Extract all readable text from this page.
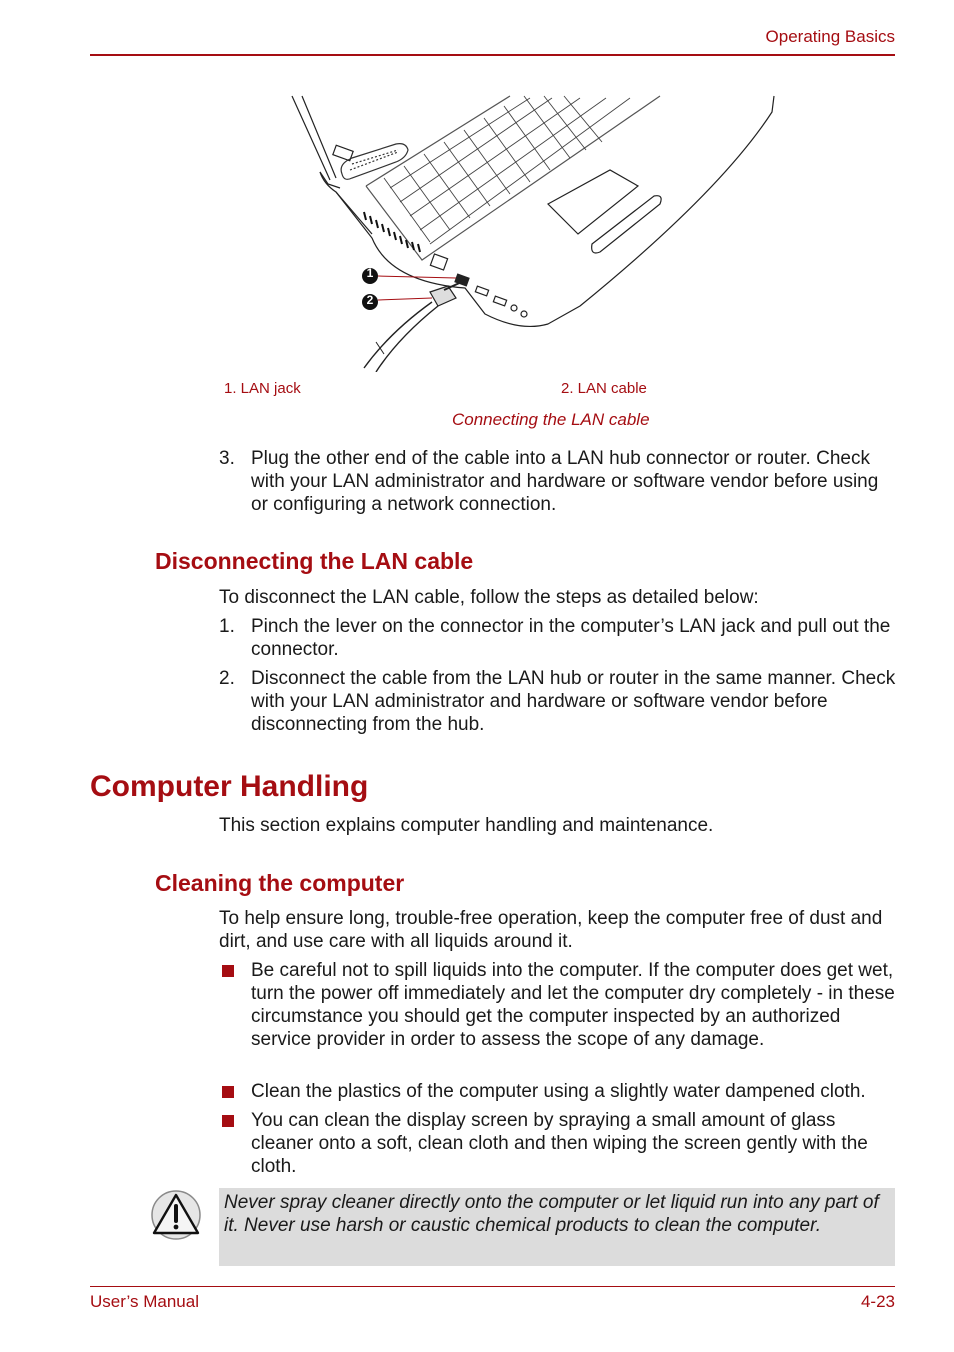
Operating Basics
1
2
1. LAN jack	2. LAN cable
Connecting the LAN cable
3. Plug the other end of the cable into a LAN hub connector or router. Check with your LAN administrator and hardware or software vendor before using or configuring a network connection.
Disconnecting the LAN cable
To disconnect the LAN cable, follow the steps as detailed below:
1. Pinch the lever on the connector in the computer’s LAN jack and pull out the connector.
2. Disconnect the cable from the LAN hub or router in the same manner. Check with your LAN administrator and hardware or software vendor before disconnecting from the hub.
Computer Handling
This section explains computer handling and maintenance.
Cleaning the computer
To help ensure long, trouble-free operation, keep the computer free of dust and dirt, and use care with all liquids around it.
Be careful not to spill liquids into the computer. If the computer does get wet, turn the power off immediately and let the computer dry completely - in these circumstance you should get the computer inspected by an authorized service provider in order to assess the scope of any damage.
Clean the plastics of the computer using a slightly water dampened cloth.
You can clean the display screen by spraying a small amount of glass cleaner onto a soft, clean cloth and then wiping the screen gently with the cloth.
Never spray cleaner directly onto the computer or let liquid run into any part of it. Never use harsh or caustic chemical products to clean the computer.
User’s Manual	4-23
